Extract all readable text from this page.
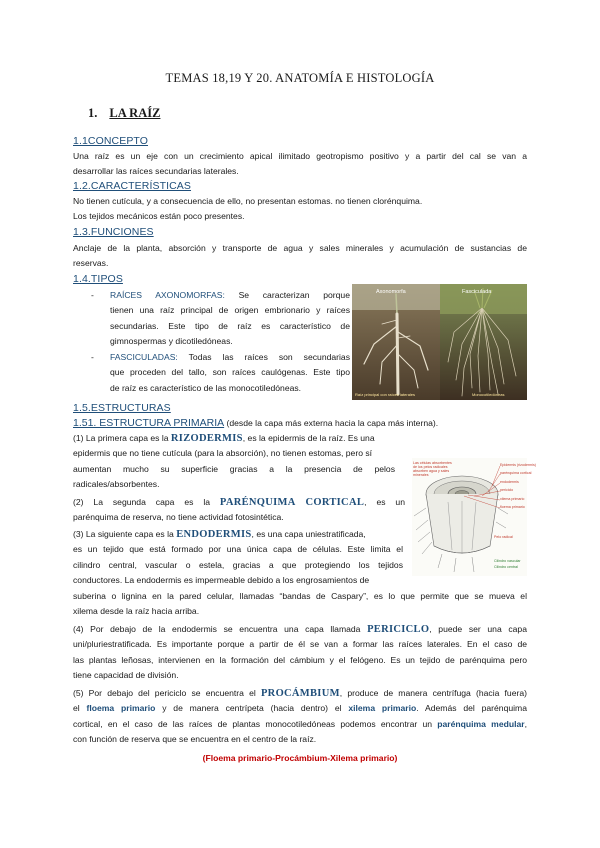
TEMAS 18,19 Y 20. ANATOMÍA E HISTOLOGÍA
1. LA RAÍZ
1.1CONCEPTO
Una raíz es un eje con un crecimiento apical ilimitado geotropismo positivo y a partir del cal se van a
desarrollar las raíces secundarias laterales.
1.2.CARACTERÍSTICAS
No tienen cutícula, y a consecuencia de ello, no presentan estomas. no tienen clorénquima.
Los tejidos mecánicos están poco presentes.
1.3.FUNCIONES
Anclaje de la planta, absorción y transporte de agua y sales minerales y acumulación de sustancias de
reservas.
1.4.TIPOS
- RAÍCES AXONOMORFAS: Se caracterizan porque
tienen una raíz principal de origen embrionario y raíces
secundarias. Este tipo de raíz es característico de
gimnospermas y dicotiledóneas.
- FASCICULADAS: Todas las raíces son secundarias
que proceden del tallo, son raíces caulógenas. Este tipo
de raíz es característico de las monocotiledóneas.
Axonomorfa	Fasciculada
Raíz principal con raíces laterales	Monocotiledóneas
1.5.ESTRUCTURAS
1.51. ESTRUCTURA PRIMARIA (desde la capa más externa hacia la capa más interna).
(1) La primera capa es la RIZODERMIS, es la epidermis de la raíz. Es una
epidermis que no tiene cutícula (para la absorción), no tienen estomas, pero sí
aumentan mucho su superficie gracias a la presencia de pelos
radicales/absorbentes.
(2) La segunda capa es la PARÉNQUIMA CORTICAL, es un
parénquima de reserva, no tiene actividad fotosintética.
(3) La siguiente capa es la ENDODERMIS, es una capa uniestratificada,
es un tejido que está formado por una única capa de células. Este limita el
cilindro central, vascular o estela, gracias a que protegiendo los tejidos
conductores. La endodermis es impermeable debido a los engrosamientos de
suberina o lignina en la pared celular, llamadas “bandas de Caspary”, es lo que permite que se mueva el
xilema desde la raíz hacia arriba.
(4) Por debajo de la endodermis se encuentra una capa llamada PERICICLO, puede ser una capa
uni/pluriestratificada. Es importante porque a partir de él se van a formar las raíces laterales. En el caso de
las plantas leñosas, intervienen en la formación del cámbium y el felógeno. Es un tejido de parénquima pero
tiene capacidad de división.
(5) Por debajo del periciclo se encuentra el PROCÁMBIUM, produce de manera centrífuga (hacia fuera)
el floema primario y de manera centrípeta (hacia dentro) el xilema primario. Además del parénquima
cortical, en el caso de las raíces de plantas monocotiledóneas podemos encontrar un parénquima medular,
con función de reserva que se encuentra en el centro de la raíz.
(Floema primario-Procámbium-Xilema primario)
Las células absorbentes
de los pelos radicales
absorben agua y sales
minerales
Epidermis (rizodermis)
parénquima cortical
endodermis
periciclo
xilema primario
floema primario
Pelo radical
Cilindro vascular
Cilindro central
